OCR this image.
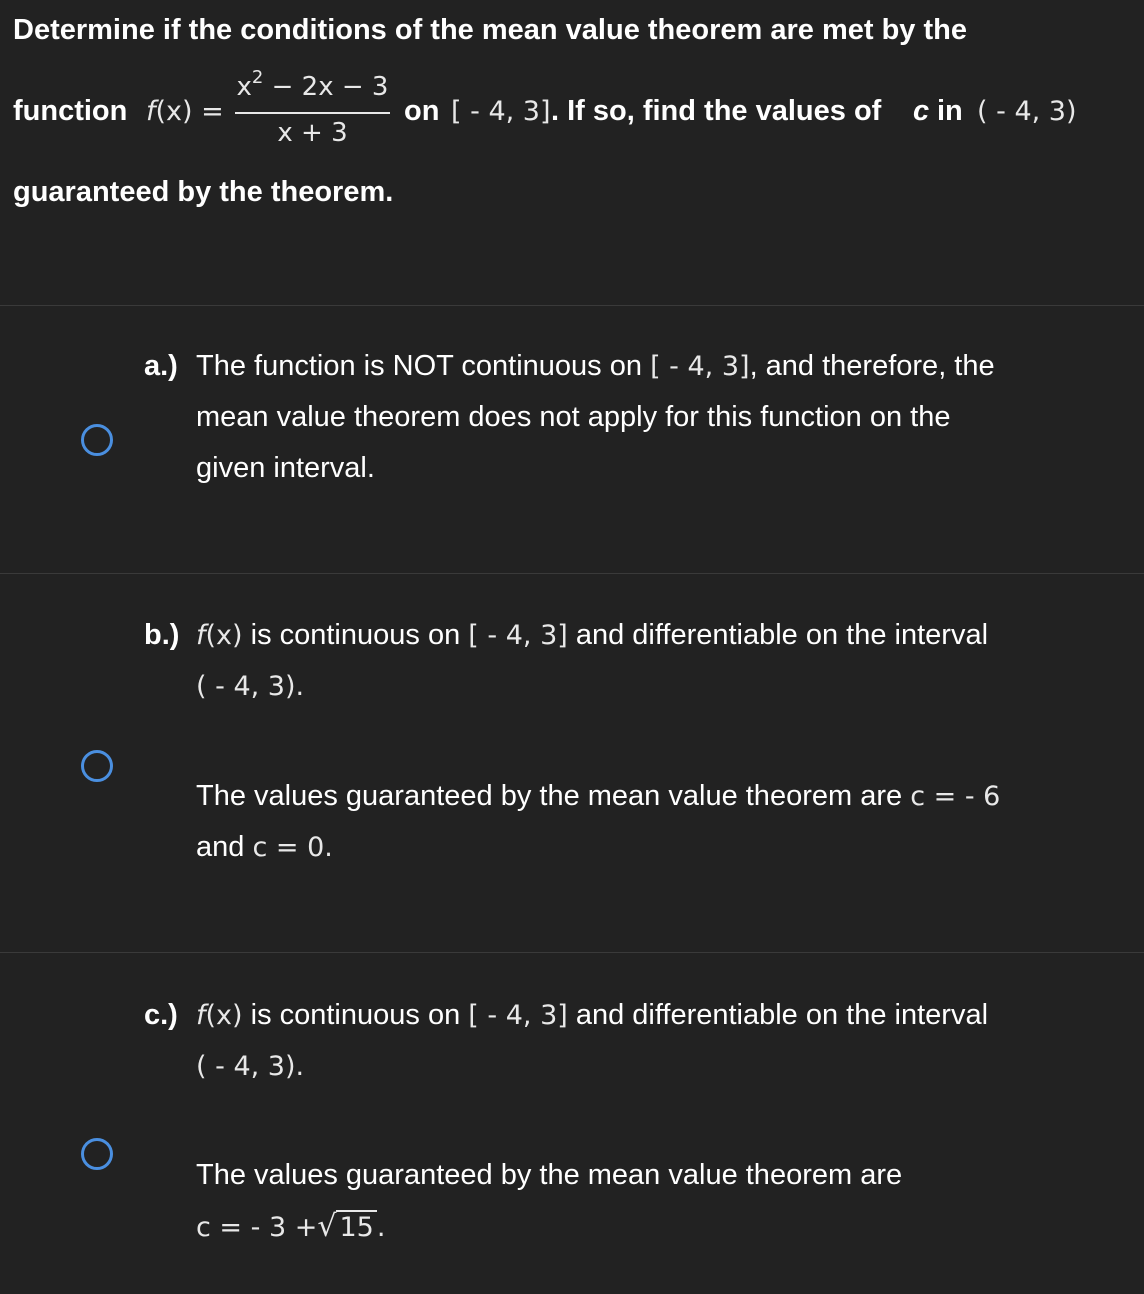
Determine if the conditions of the mean value theorem are met by the
function f(x) =
$x^2 - 2x - 3$
x + 3
on [ - 4, 3] . If so, find the values of c in ( - 4, 3)
guaranteed by the theorem.
a.) The function is NOT continuous on [ - 4, 3], and therefore, the
mean value theorem does not apply for this function on the
given interval.
b.) f(x) is continuous on [ - 4, 3] and differentiable on the interval
( - 4, 3).
The values guaranteed by the mean value theorem are c = - 6
and c = 0.
c.) f(x) is continuous on [ - 4, 3] and differentiable on the interval
( - 4, 3).
The values guaranteed by the mean value theorem are
c = - 3 +√ 15 .
